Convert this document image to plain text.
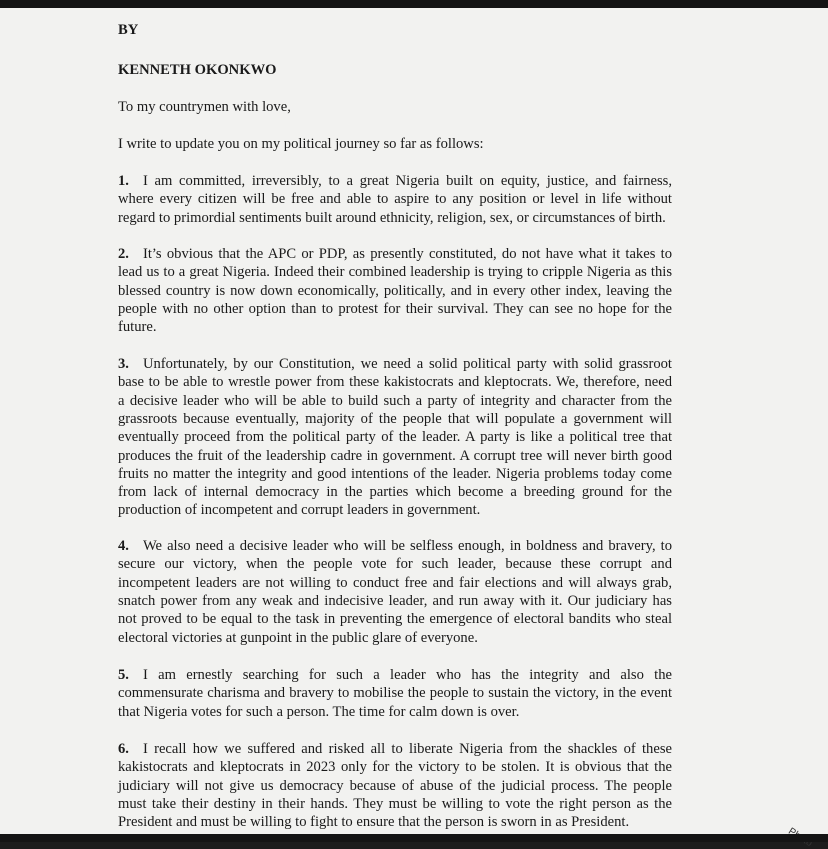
BY
KENNETH OKONKWO
To my countrymen with love,
I write to update you on my political journey so far as follows:
1. I am committed, irreversibly, to a great Nigeria built on equity, justice, and fairness,
where every citizen will be free and able to aspire to any position or level in life without
regard to primordial sentiments built around ethnicity, religion, sex, or circumstances of birth.
2. It’s obvious that the APC or PDP, as presently constituted, do not have what it takes to
lead us to a great Nigeria. Indeed their combined leadership is trying to cripple Nigeria as this
blessed country is now down economically, politically, and in every other index, leaving the
people with no other option than to protest for their survival. They can see no hope for the
future.
3. Unfortunately, by our Constitution, we need a solid political party with solid grassroot
base to be able to wrestle power from these kakistocrats and kleptocrats. We, therefore, need
a decisive leader who will be able to build such a party of integrity and character from the
grassroots because eventually, majority of the people that will populate a government will
eventually proceed from the political party of the leader. A party is like a political tree that
produces the fruit of the leadership cadre in government. A corrupt tree will never birth good
fruits no matter the integrity and good intentions of the leader. Nigeria problems today come
from lack of internal democracy in the parties which become a breeding ground for the
production of incompetent and corrupt leaders in government.
4. We also need a decisive leader who will be selfless enough, in boldness and bravery, to
secure our victory, when the people vote for such leader, because these corrupt and
incompetent leaders are not willing to conduct free and fair elections and will always grab,
snatch power from any weak and indecisive leader, and run away with it. Our judiciary has
not proved to be equal to the task in preventing the emergence of electoral bandits who steal
electoral victories at gunpoint in the public glare of everyone.
5. I am ernestly searching for such a leader who has the integrity and also the
commensurate charisma and bravery to mobilise the people to sustain the victory, in the event
that Nigeria votes for such a person. The time for calm down is over.
6. I recall how we suffered and risked all to liberate Nigeria from the shackles of these
kakistocrats and kleptocrats in 2023 only for the victory to be stolen. It is obvious that the
judiciary will not give us democracy because of abuse of the judicial process. The people
must take their destiny in their hands. They must be willing to vote the right person as the
President and must be willing to fight to ensure that the person is sworn in as President.
